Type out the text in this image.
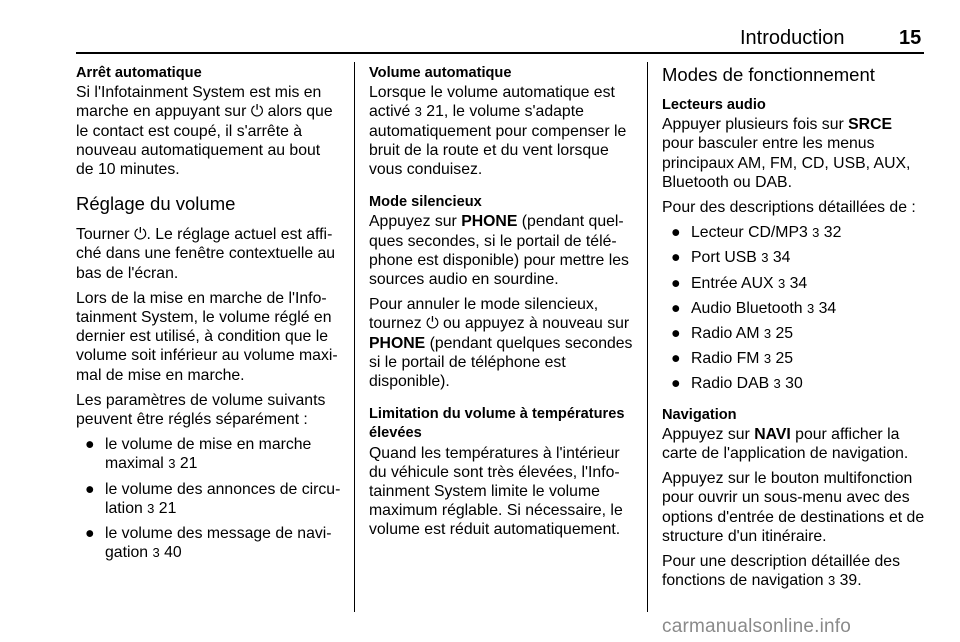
Introduction	15
Arrêt automatique

Si l'Infotainment System est mis en marche en appuyant sur ⏻ alors que le contact est coupé, il s'arrête à nouveau automatiquement au bout de 10 minutes.

Réglage du volume

Tourner ⏻. Le réglage actuel est affiché dans une fenêtre contextuelle au bas de l'écran.

Lors de la mise en marche de l'Infotainment System, le volume réglé en dernier est utilisé, à condition que le volume soit inférieur au volume maximal de mise en marche.

Les paramètres de volume suivants peuvent être réglés séparément :

● le volume de mise en marche maximal 3 21
● le volume des annonces de circulation 3 21
● le volume des message de navigation 3 40
Volume automatique

Lorsque le volume automatique est activé 3 21, le volume s'adapte automatiquement pour compenser le bruit de la route et du vent lorsque vous conduisez.

Mode silencieux

Appuyez sur PHONE (pendant quelques secondes, si le portail de téléphone est disponible) pour mettre les sources audio en sourdine.

Pour annuler le mode silencieux, tournez ⏻ ou appuyez à nouveau sur PHONE (pendant quelques secondes si le portail de téléphone est disponible).

Limitation du volume à températures élevées

Quand les températures à l'intérieur du véhicule sont très élevées, l'Infotainment System limite le volume maximum réglable. Si nécessaire, le volume est réduit automatiquement.

Modes de fonctionnement
Lecteurs audio

Appuyer plusieurs fois sur SRCE pour basculer entre les menus principaux AM, FM, CD, USB, AUX, Bluetooth ou DAB.

Pour des descriptions détaillées de :

● Lecteur CD/MP3 3 32
● Port USB 3 34
● Entrée AUX 3 34
● Audio Bluetooth 3 34
● Radio AM 3 25
● Radio FM 3 25
● Radio DAB 3 30
Navigation

Appuyez sur NAVI pour afficher la carte de l'application de navigation.

Appuyez sur le bouton multifonction pour ouvrir un sous-menu avec des options d'entrée de destinations et de structure d'un itinéraire.

Pour une description détaillée des fonctions de navigation 3 39.

carmanualsonline.info
